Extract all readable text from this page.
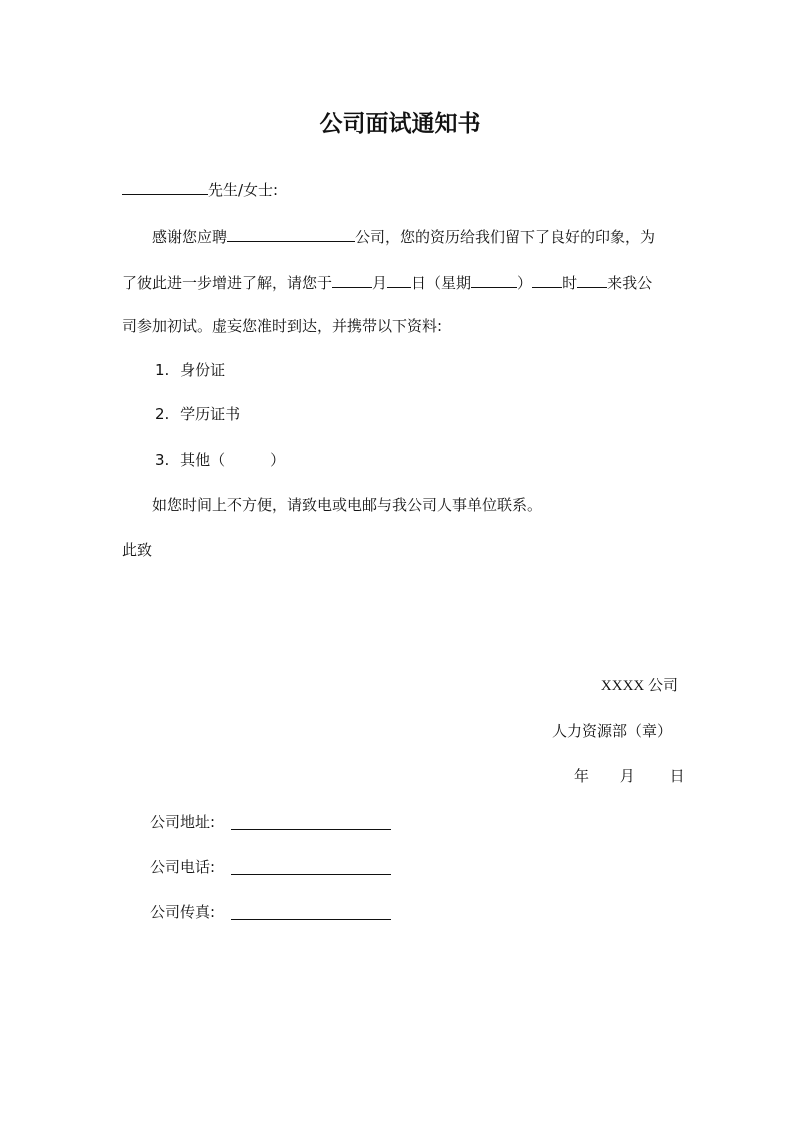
公司面试通知书
先生/女士:
感谢您应聘	公司，您的资历给我们留下了良好的印象，为
了彼此进一步增进了解，请您于	月 日（星期	） 时 来我公
司参加初试。虚妄您准时到达，并携带以下资料:
1. 身份证
2. 学历证书
3. 其他（　　　）
如您时间上不方便，请致电或电邮与我公司人事单位联系。
此致
XXXX 公司
人力资源部（章）
年 月 日
公司地址:
公司电话:
公司传真:
